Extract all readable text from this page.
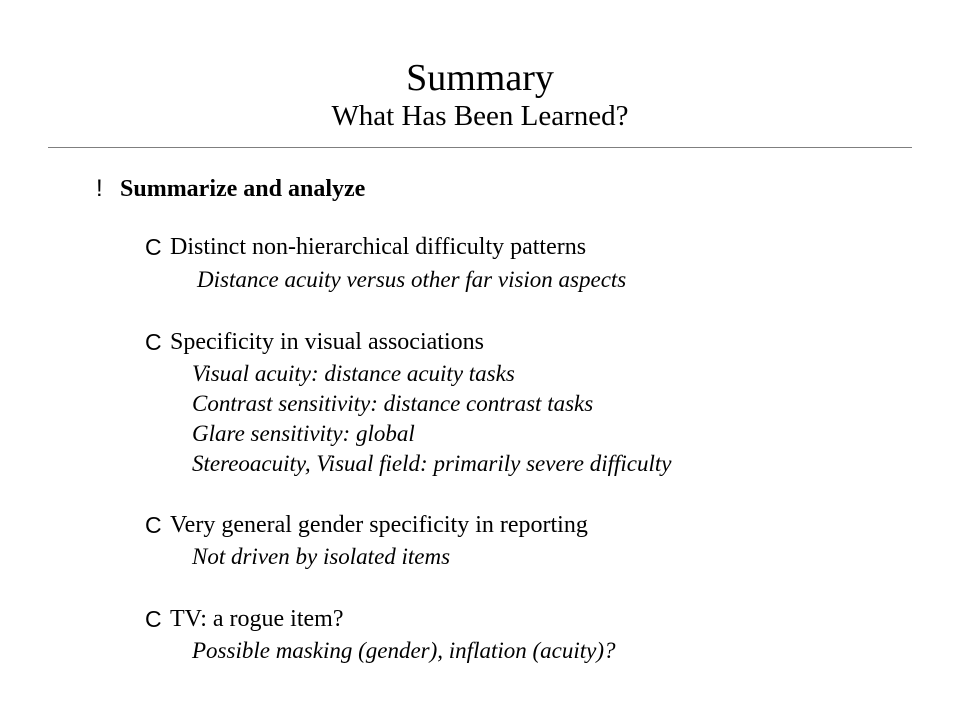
Summary
What Has Been Learned?
! Summarize and analyze
C Distinct non-hierarchical difficulty patterns
Distance acuity versus other far vision aspects
C Specificity in visual associations
Visual acuity: distance acuity tasks
Contrast sensitivity: distance contrast tasks
Glare sensitivity: global
Stereoacuity, Visual field: primarily severe difficulty
C Very general gender specificity in reporting
Not driven by isolated items
C TV: a rogue item?
Possible masking (gender), inflation (acuity)?
